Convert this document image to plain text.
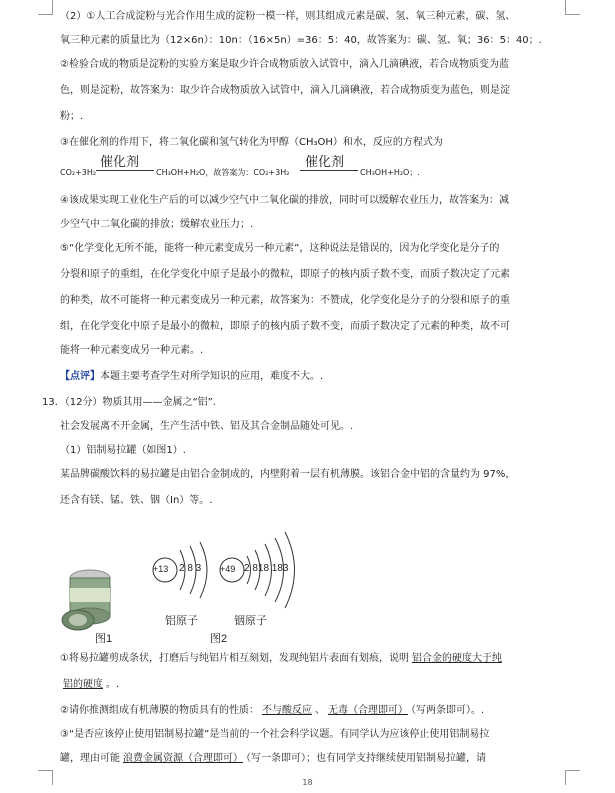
（2）①人工合成淀粉与光合作用生成的淀粉一模一样，则其组成元素是碳、氢、氧三种元素，碳、氢、
氧三种元素的质量比为（12×6n）：10n：（16×5n）=36：5：40，故答案为：碳、氢、氧；36：5：40；.
②检验合成的物质是淀粉的实验方案是取少许合成物质放入试管中，滴入几滴碘液，若合成物质变为蓝
色，则是淀粉，故答案为：取少许合成物质放入试管中，滴入几滴碘液，若合成物质变为蓝色，则是淀
粉；.
③在催化剂的作用下，将二氧化碳和氢气转化为甲醇（CH₃OH）和水，反应的方程式为
CO₂+3H₂
催化剂
CH₃OH+H₂O，故答案为：CO₂+3H₂
催化剂
CH₃OH+H₂O；.
④该成果实现工业化生产后的可以减少空气中二氧化碳的排放，同时可以缓解农业压力，故答案为：减
少空气中二氧化碳的排放；缓解农业压力；.
⑤“化学变化无所不能，能将一种元素变成另一种元素”，这种说法是错误的，因为化学变化是分子的
分裂和原子的重组，在化学变化中原子是最小的微粒，即原子的核内质子数不变，而质子数决定了元素
的种类，故不可能将一种元素变成另一种元素，故答案为：不赞成，化学变化是分子的分裂和原子的重
组，在化学变化中原子是最小的微粒，即原子的核内质子数不变，而质子数决定了元素的种类，故不可
能将一种元素变成另一种元素。.
【点评】本题主要考查学生对所学知识的应用，难度不大。.
13．（12分）物质其用——金属之“铝”.
社会发展离不开金属，生产生活中铁、铝及其合金制品随处可见。.
（1）铝制易拉罐（如图1）.
某品牌碳酸饮料的易拉罐是由铝合金制成的，内壁附着一层有机薄膜。该铝合金中铝的含量约为 97%，
还含有镁、锰、铁、铟（In）等。.
+13 2 8 3 +49 2 818 183
铝原子	铟原子
图1	图2
①将易拉罐剪成条状，打磨后与纯铝片相互刻划，发现纯铝片表面有划痕，说明 铝合金的硬度大于纯
铝的硬度 。.
②请你推测组成有机薄膜的物质具有的性质： 不与酸反应 、 无毒（合理即可） （写两条即可）。.
③“是否应该停止使用铝制易拉罐”是当前的一个社会科学议题。有同学认为应该停止使用铝制易拉
罐，理由可能 浪费金属资源（合理即可） （写一条即可）；也有同学支持继续使用铝制易拉罐，请
18
